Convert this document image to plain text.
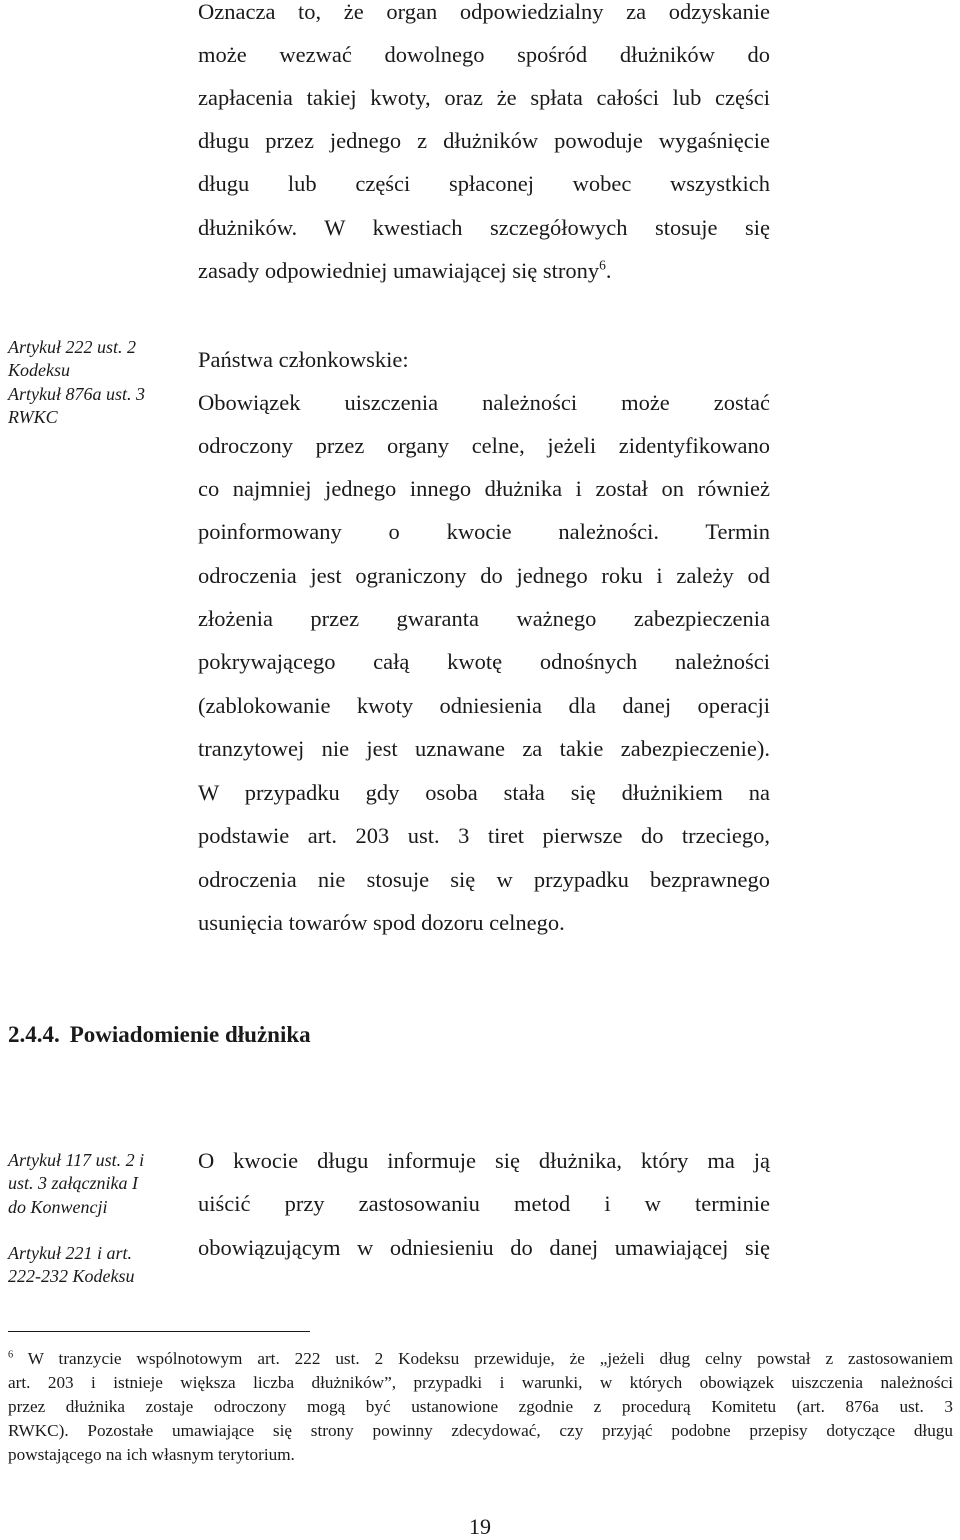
Oznacza to, że organ odpowiedzialny za odzyskanie
może wezwać dowolnego spośród dłużników do
zapłacenia takiej kwoty, oraz że spłata całości lub części
długu przez jednego z dłużników powoduje wygaśnięcie
długu lub części spłaconej wobec wszystkich
dłużników. W kwestiach szczegółowych stosuje się
zasady odpowiedniej umawiającej się strony$^6$.
Artykuł 222 ust. 2
Kodeksu
Artykuł 876a ust. 3
RWKC
Państwa członkowskie:
Obowiązek uiszczenia należności może zostać
odroczony przez organy celne, jeżeli zidentyfikowano
co najmniej jednego innego dłużnika i został on również
poinformowany o kwocie należności. Termin
odroczenia jest ograniczony do jednego roku i zależy od
złożenia przez gwaranta ważnego zabezpieczenia
pokrywającego całą kwotę odnośnych należności
(zablokowanie kwoty odniesienia dla danej operacji
tranzytowej nie jest uznawane za takie zabezpieczenie).
W przypadku gdy osoba stała się dłużnikiem na
podstawie art. 203 ust. 3 tiret pierwsze do trzeciego,
odroczenia nie stosuje się w przypadku bezprawnego
usunięcia towarów spod dozoru celnego.
2.4.4. Powiadomienie dłużnika
Artykuł 117 ust. 2 i
ust. 3 załącznika I
do Konwencji
Artykuł 221 i art.
222-232 Kodeksu
O kwocie długu informuje się dłużnika, który ma ją
uiścić przy zastosowaniu metod i w terminie
obowiązującym w odniesieniu do danej umawiającej się
$^6$ W tranzycie wspólnotowym art. 222 ust. 2 Kodeksu przewiduje, że „jeżeli dług celny powstał z zastosowaniem
art. 203 i istnieje większa liczba dłużników”, przypadki i warunki, w których obowiązek uiszczenia należności
przez dłużnika zostaje odroczony mogą być ustanowione zgodnie z procedurą Komitetu (art. 876a ust. 3
RWKC). Pozostałe umawiające się strony powinny zdecydować, czy przyjąć podobne przepisy dotyczące długu
powstającego na ich własnym terytorium.
19
